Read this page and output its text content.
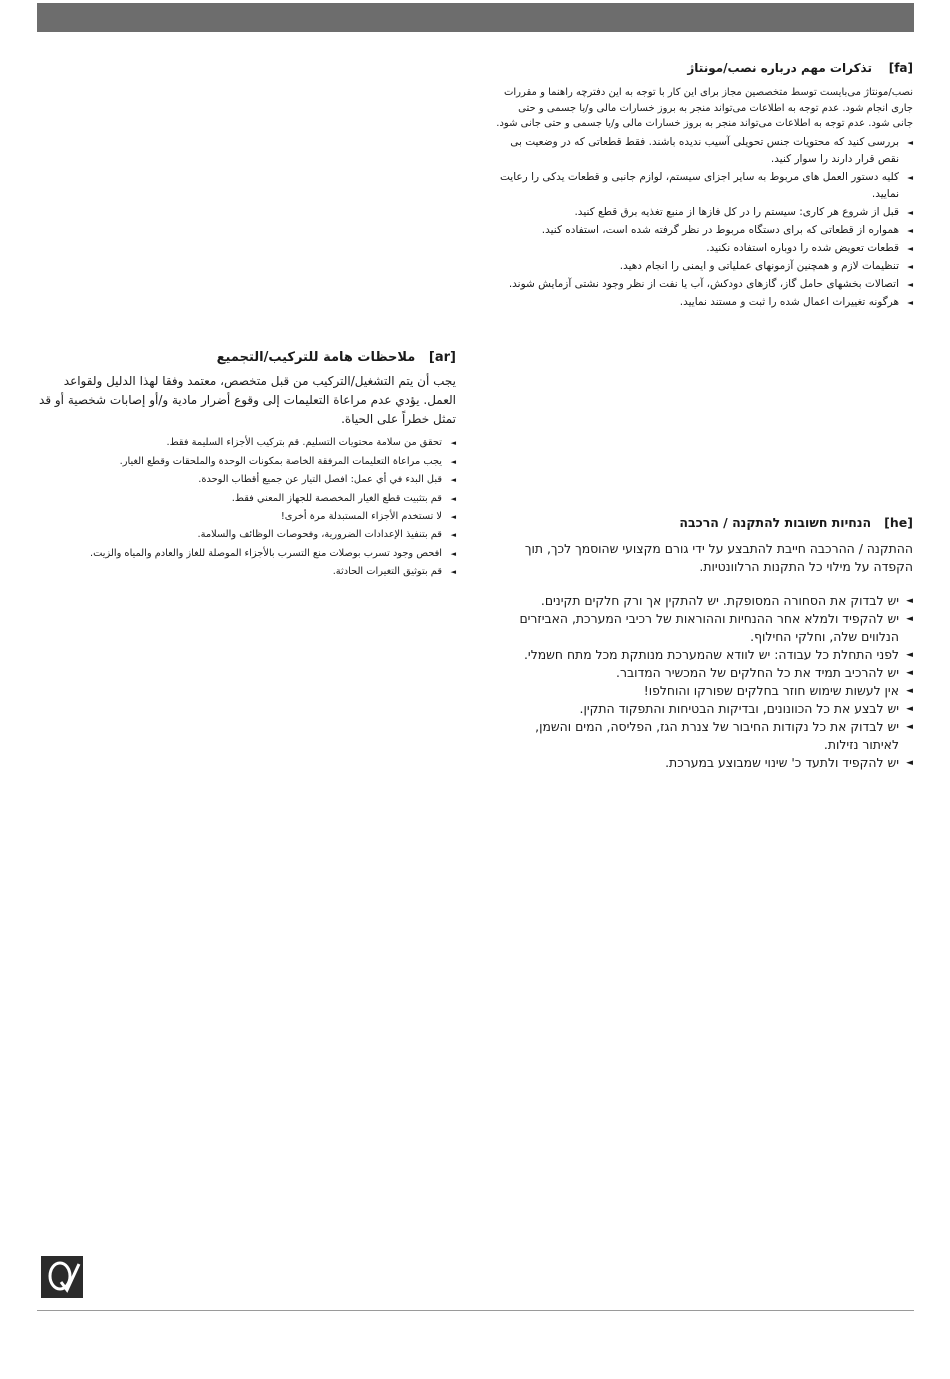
[fa]    تذکرات مهم درباره نصب/مونتاژ

نصب/مونتاژ می‌بایست توسط متخصصین مجاز برای این کار با توجه به این دفترچه راهنما و مقررات جاری انجام شود. عدم توجه به اطلاعات می‌تواند منجر به بروز خسارات مالی و/یا جسمی و حتی جانی شود. عدم توجه به اطلاعات می‌تواند منجر به بروز خسارات مالی و/یا جسمی و حتی جانی شود.

◄ بررسی کنید که محتویات جنس تحویلی آسیب ندیده باشند. فقط قطعاتی که در وضعیت بی نقص قرار دارند را سوار کنید.
◄ کلیه دستور العمل های مربوط به سایر اجزای سیستم، لوازم جانبی و قطعات یدکی را رعایت نمایید.
◄ قبل از شروع هر کاری: سیستم را در کل فازها از منبع تغذیه برق قطع کنید.
◄ همواره از قطعاتی که برای دستگاه مربوط در نظر گرفته شده است، استفاده کنید.
◄ قطعات تعویض شده را دوباره استفاده نکنید.
◄ تنظیمات لازم و همچنین آزمونهای عملیاتی و ایمنی را انجام دهید.
◄ اتصالات بخشهای حامل گاز، گازهای دودکش، آب یا نفت از نظر وجود نشتی آزمایش شوند.
◄ هرگونه تغییرات اعمال شده را ثبت و مستند نمایید.
[ar]   ملاحظات هامة للتركيب/التجميع

يجب أن يتم التشغيل/التركيب من قبل متخصص، معتمد وفقا لهذا الدليل ولقواعد العمل. يؤدي عدم مراعاة التعليمات إلى وقوع أضرار مادية و/أو إصابات شخصية أو قد تمثل خطراً على الحياة.

◄ تحقق من سلامة محتويات التسليم. قم بتركيب الأجزاء السليمة فقط.
◄ يجب مراعاة التعليمات المرفقة الخاصة بمكونات الوحدة والملحقات وقطع الغيار.
◄ قبل البدء في أي عمل: افصل التيار عن جميع أقطاب الوحدة.
◄ قم بتثبيت قطع الغيار المخصصة للجهاز المعني فقط.
◄ لا تستخدم الأجزاء المستبدلة مرة أخرى!
◄ قم بتنفيذ الإعدادات الضرورية، وفحوصات الوظائف والسلامة.
◄ افحص وجود تسرب بوصلات منع التسرب بالأجزاء الموصلة للغاز والعادم والمياه والزيت.
◄ قم بتوثيق التغيرات الحادثة.
[he]   הנחיות חשובות להתקנה / הרכבה

ההתקנה / ההרכבה חייבת להתבצע על ידי גורם מקצועי שהוסמך לכך, תוך הקפדה על מילוי כל התקנות הרלוונטיות.

◄ יש לבדוק את הסחורה המסופקת. יש להתקין אך ורק חלקים תקינים.
◄ יש להקפיד ולמלא אחר ההנחיות וההוראות של רכיבי המערכת, האביזרים הנלווים שלה, וחלקי החילוף.
◄ לפני התחלת כל עבודה: יש לוודא שהמערכת מנותקת מכל מתח חשמלי.
◄ יש להרכיב תמיד את כל החלקים של המכשיר המדובר.
◄ אין לעשות שימוש חוזר בחלקים שפורקו והוחלפו!
◄ יש לבצע את כל הכוונונים, ובדיקות הבטיחות והתפקוד התקין.
◄ יש לבדוק את כל נקודות החיבור של צנרת הגז, הפליסה, המים והשמן, לאיתור נזילות.
◄ יש להקפיד ולתעד כ' שינוי שמבוצע במערכת.
